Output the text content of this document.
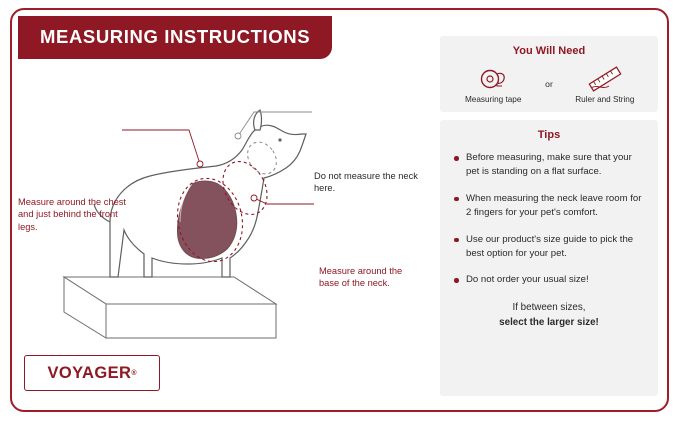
MEASURING INSTRUCTIONS
Measure around the chest and just behind the front legs.
Do not measure the neck here.
Measure around the base of the neck.
VOYAGER ®
You Will Need
Measuring tape
or
Ruler and String
Tips
Before measuring, make sure that your pet is standing on a flat surface.
When measuring the neck leave room for 2 fingers for your pet's comfort.
Use our product's size guide to pick the best option for your pet.
Do not order your usual size!
If between sizes,
select the larger size!
